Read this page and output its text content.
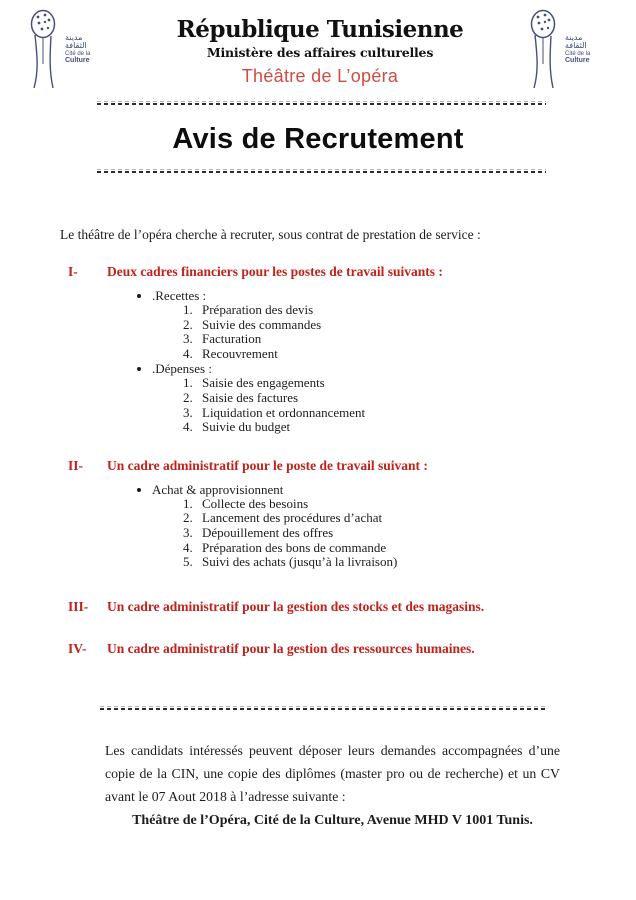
مدينة
الثقافة
Cité de la
Culture
République Tunisienne
Ministère des affaires culturelles
Théâtre de L’opéra
مدينة
الثقافة
Cité de la
Culture
Avis de Recrutement
Le théâtre de l’opéra cherche à recruter, sous contrat de prestation de service :
I- Deux cadres financiers pour les postes de travail suivants :
• .Recettes :
1. Préparation des devis
2. Suivie des commandes
3. Facturation
4. Recouvrement
• .Dépenses :
1. Saisie des engagements
2. Saisie des factures
3. Liquidation et ordonnancement
4. Suivie du budget
II- Un cadre administratif pour le poste de travail suivant :
• Achat & approvisionnent
1. Collecte des besoins
2. Lancement des procédures d’achat
3. Dépouillement des offres
4. Préparation des bons de commande
5. Suivi des achats (jusqu’à la livraison)
III- Un cadre administratif pour la gestion des stocks et des magasins.
IV- Un cadre administratif pour la gestion des ressources humaines.
Les candidats intéressés peuvent déposer leurs demandes accompagnées d’une copie de la CIN, une copie des diplômes (master pro ou de recherche) et un CV avant le 07 Aout 2018 à l’adresse suivante :
Théâtre de l’Opéra, Cité de la Culture, Avenue MHD V 1001 Tunis.
